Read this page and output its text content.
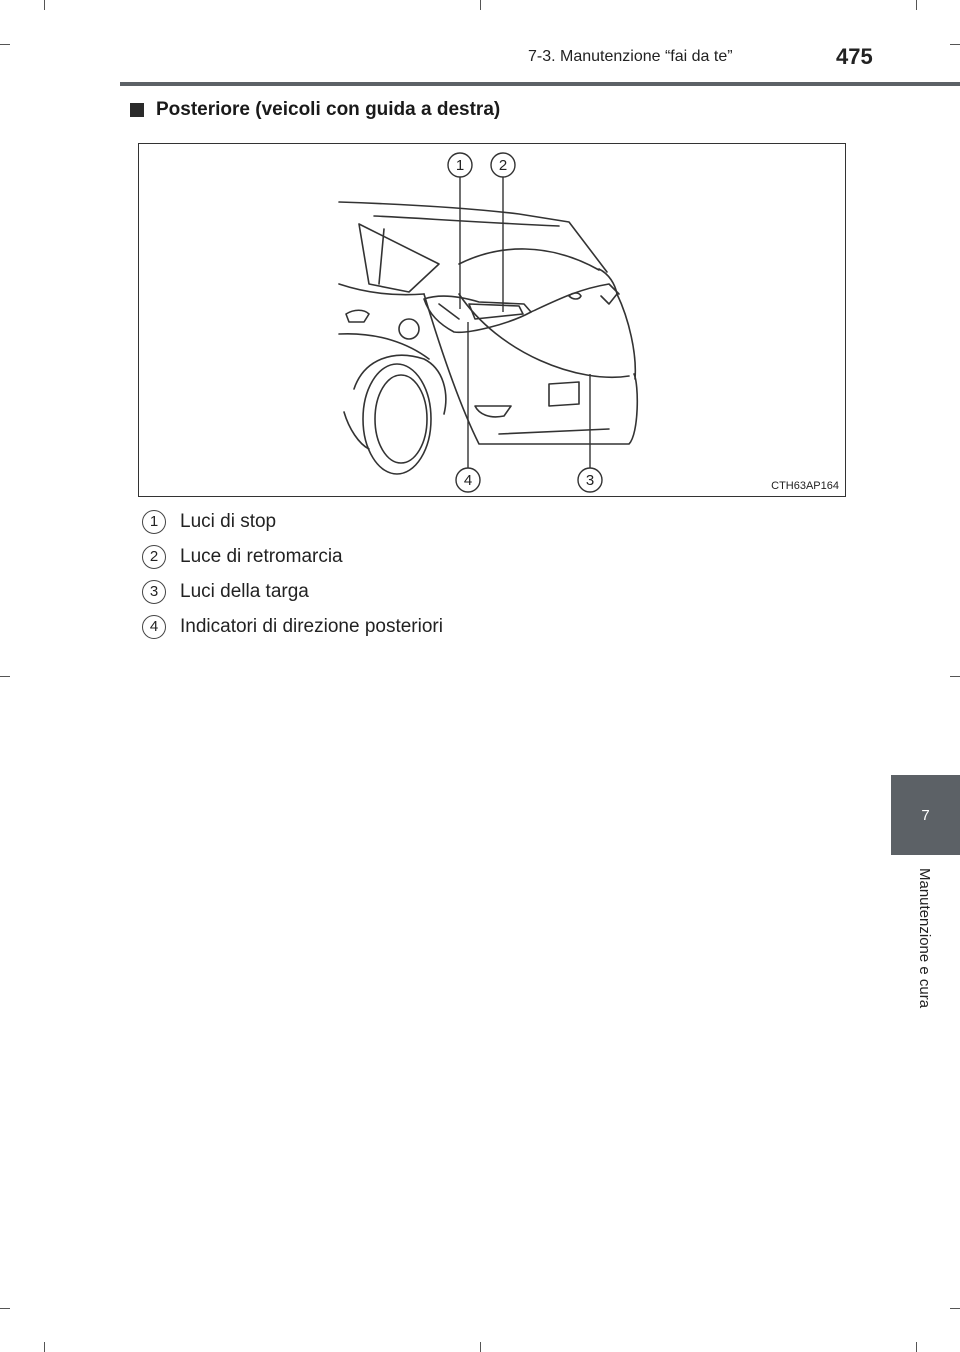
7-3. Manutenzione “fai da te”	475
Posteriore (veicoli con guida a destra)
1 2
3
4	CTH63AP164
1	Luci di stop
2	Luce di retromarcia
3	Luci della targa
4	Indicatori di direzione posteriori
7
Manutenzione e cura
